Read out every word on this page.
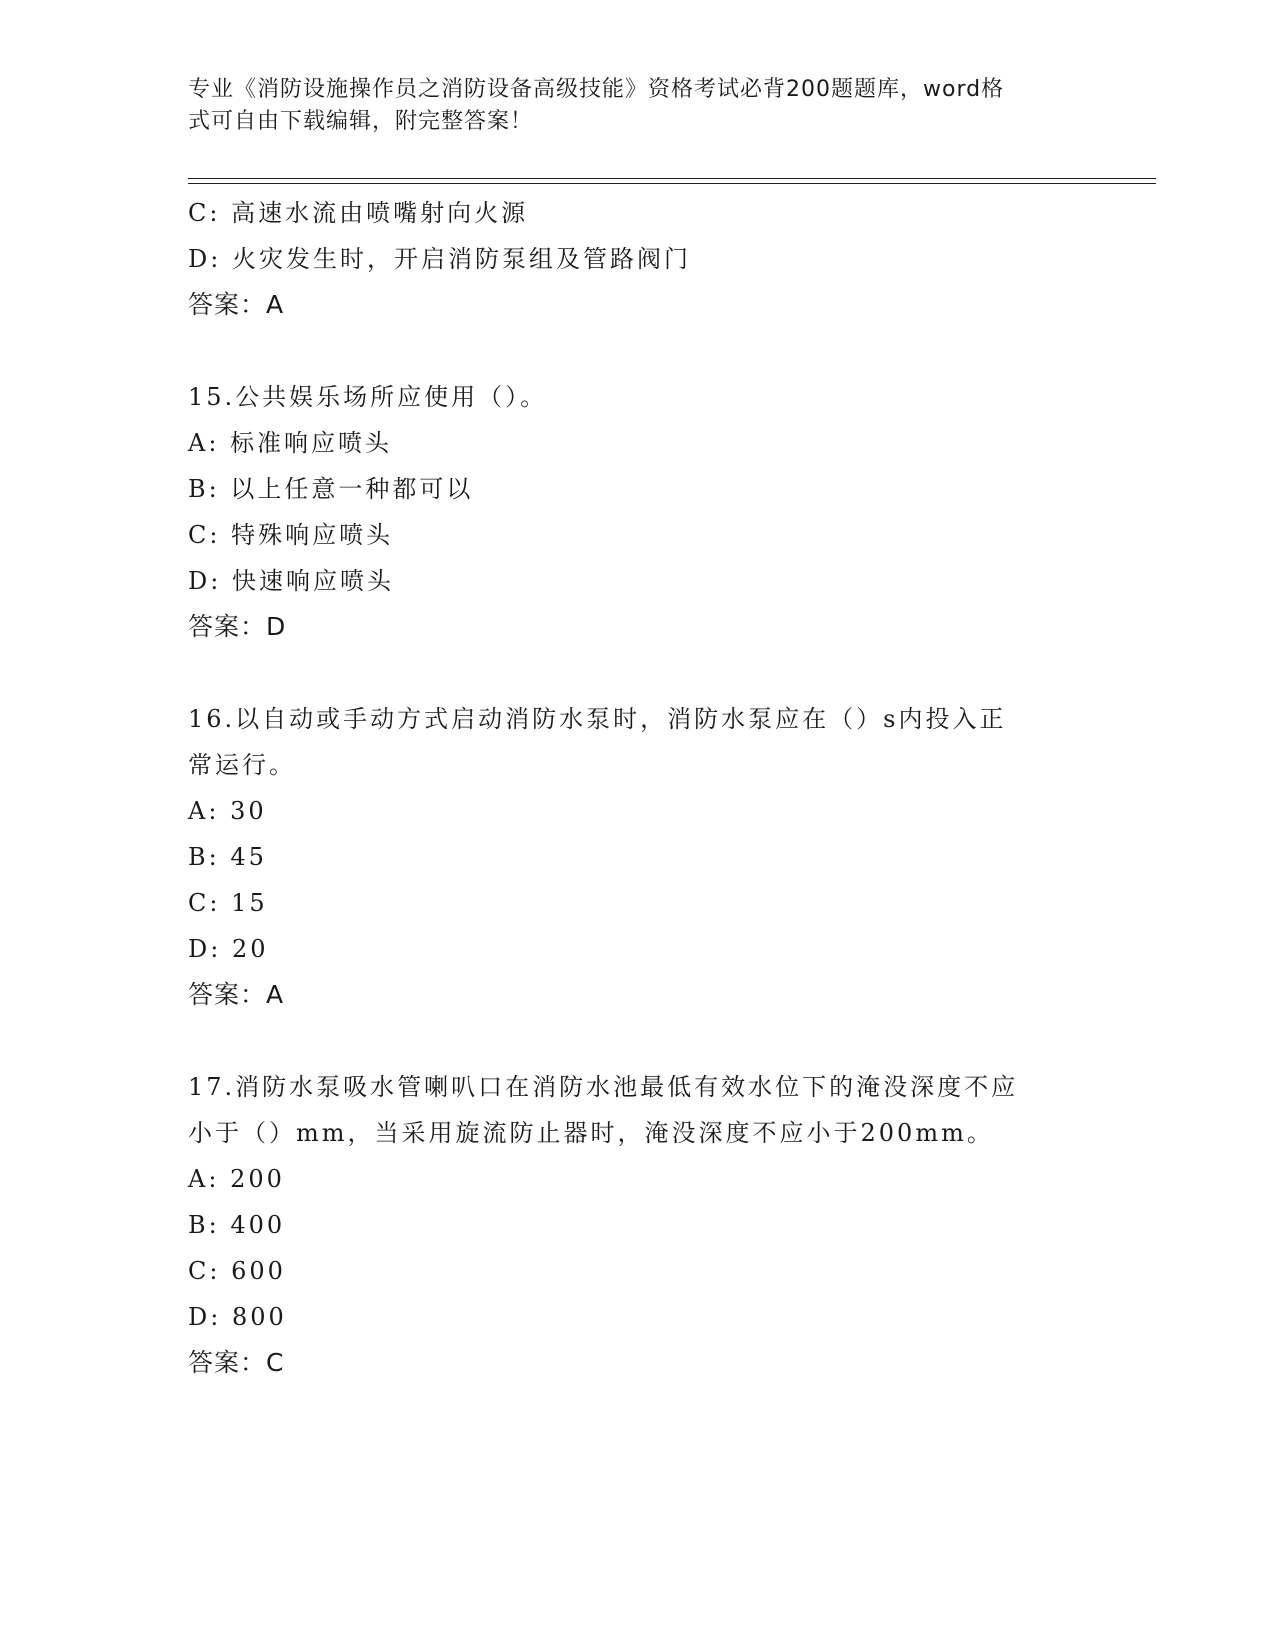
专业《消防设施操作员之消防设备高级技能》资格考试必背200题题库，word格
式可自由下载编辑，附完整答案！
C: 高速水流由喷嘴射向火源
D: 火灾发生时，开启消防泵组及管路阀门
答案：A
15.公共娱乐场所应使用（）。
A: 标准响应喷头
B: 以上任意一种都可以
C: 特殊响应喷头
D: 快速响应喷头
答案：D
16.以自动或手动方式启动消防水泵时，消防水泵应在（）s内投入正
常运行。
A: 30
B: 45
C: 15
D: 20
答案：A
17.消防水泵吸水管喇叭口在消防水池最低有效水位下的淹没深度不应
小于（）mm，当采用旋流防止器时，淹没深度不应小于200mm。
A: 200
B: 400
C: 600
D: 800
答案：C
